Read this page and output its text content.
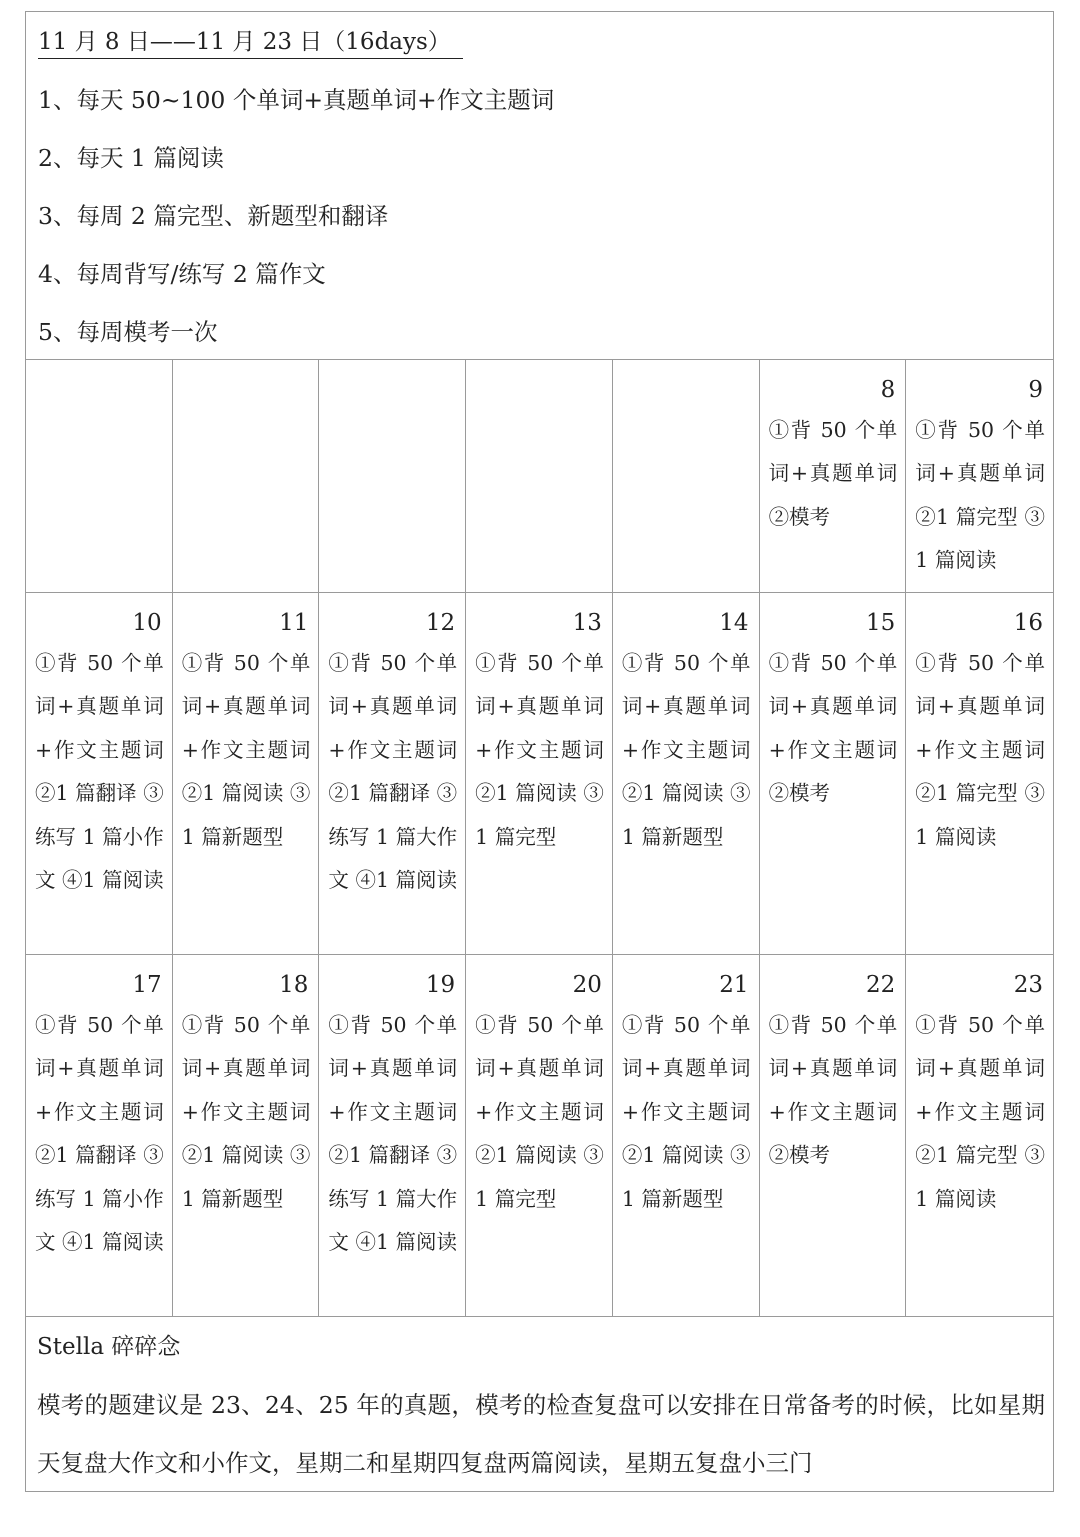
11 月 8 日——11 月 23 日（16days）
1、每天 50~100 个单词+真题单词+作文主题词
2、每天 1 篇阅读
3、每周 2 篇完型、新题型和翻译
4、每周背写/练写 2 篇作文
5、每周模考一次
8
①背 50 个单词+真题单词 ②模考
9
①背 50 个单词+真题单词 ②1 篇完型 ③1 篇阅读
10
①背 50 个单词+真题单词 +作文主题词 ②1 篇翻译 ③练写 1 篇小作文 ④1 篇阅读
11
①背 50 个单词+真题单词 +作文主题词 ②1 篇阅读 ③1 篇新题型
12
①背 50 个单词+真题单词 +作文主题词 ②1 篇翻译 ③练写 1 篇大作文 ④1 篇阅读
13
①背 50 个单词+真题单词 +作文主题词 ②1 篇阅读 ③1 篇完型
14
①背 50 个单词+真题单词 +作文主题词 ②1 篇阅读 ③1 篇新题型
15
①背 50 个单词+真题单词 +作文主题词 ②模考
16
①背 50 个单词+真题单词 +作文主题词 ②1 篇完型 ③1 篇阅读
17
①背 50 个单词+真题单词 +作文主题词 ②1 篇翻译 ③练写 1 篇小作文 ④1 篇阅读
18
①背 50 个单词+真题单词 +作文主题词 ②1 篇阅读 ③1 篇新题型
19
①背 50 个单词+真题单词 +作文主题词 ②1 篇翻译 ③练写 1 篇大作文 ④1 篇阅读
20
①背 50 个单词+真题单词 +作文主题词 ②1 篇阅读 ③1 篇完型
21
①背 50 个单词+真题单词 +作文主题词 ②1 篇阅读 ③1 篇新题型
22
①背 50 个单词+真题单词 +作文主题词 ②模考
23
①背 50 个单词+真题单词 +作文主题词 ②1 篇完型 ③1 篇阅读
Stella 碎碎念
模考的题建议是 23、24、25 年的真题，模考的检查复盘可以安排在日常备考的时候，比如星期天复盘大作文和小作文，星期二和星期四复盘两篇阅读，星期五复盘小三门
